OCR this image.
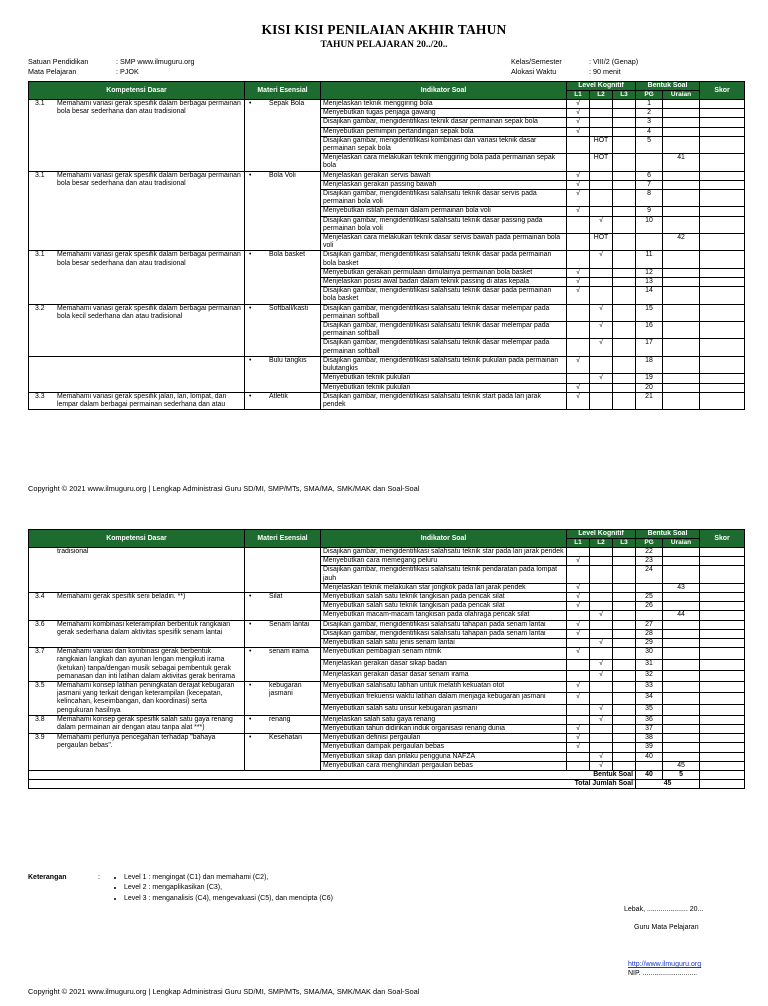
KISI KISI PENILAIAN AKHIR TAHUN
TAHUN PELAJARAN 20../20..
Satuan Pendidikan	: SMP www.ilmuguru.org
Mata Pelajaran	: PJOK
Kelas/Semester	: VIII/2 (Genap)
Alokasi Waktu	: 90 menit
Kompetensi Dasar	Materi Esensial	Indikator Soal	Level Kognitif			Bentuk Soal		Skor
			L1	L2	L3	PG	Uraian	

3.1 Memahami variasi gerak spesifik dalam berbagai permainan bola besar sederhana dan atau tradisional	• Sepak Bola	Menjelaskan teknik menggiring bola	√			1		
		Menyebutkan tugas penjaga gawang	√			2		
		Disajikan gambar, mengidentifikasi teknik dasar permainan sepak bola	√			3		
		Menyebutkan pemimpin pertandingan sepak bola	√			4		
		Disajikan gambar, mengidentifikasi kombinasi dan variasi teknik dasar permainan sepak bola		HOT		5		
		Menjelaskan cara melakukan teknik menggiring bola pada permainan sepak bola		HOT			41	

3.1 Memahami variasi gerak spesifik dalam berbagai permainan bola besar sederhana dan atau tradisional	• Bola Voli	Menjelaskan gerakan servis bawah	√			6		
		Menjelaskan gerakan passing bawah	√			7		
		Disajikan gambar, mengidentifikasi salahsatu teknik dasar servis pada permainan bola voli	√			8		
		Menyebutkan istilah pemain dalam permainan bola voli	√			9		
		Disajikan gambar, mengidentifikasi salahsatu teknik dasar passing pada permainan bola voli		√		10		
		Menjelaskan cara melakukan teknik dasar servis bawah pada permainan bola voli		HOT			42	

3.1 Memahami variasi gerak spesifik dalam berbagai permainan bola besar sederhana dan atau tradisional	• Bola basket	Disajikan gambar, mengidentifikasi salahsatu teknik dasar pada permainan bola basket		√		11		
		Menyebutkan gerakan permulaan dimulainya permainan bola basket	√			12		
		Menjelaskan posisi awal badan dalam teknik passing di atas kepala	√			13		
		Disajikan gambar, mengidentifikasi salahsatu teknik dasar pada permainan bola basket	√			14		

3.2 Memahami variasi gerak spesifik dalam berbagai permainan bola kecil sederhana dan atau tradisional	• Softball/kasti	Disajikan gambar, mengidentifikasi salahsatu teknik dasar melempar pada permainan softball		√		15		
		Disajikan gambar, mengidentifikasi salahsatu teknik dasar melempar pada permainan softball		√		16		
		Disajikan gambar, mengidentifikasi salahsatu teknik dasar melempar pada permainan softball		√		17		

	• Bulu tangkis	Disajikan gambar, mengidentifikasi salahsatu teknik pukulan pada permainan bulutangkis	√			18		
		Menyebutkan teknik pukulan		√		19		
		Menyebutkan teknik pukulan	√			20		

3.3 Memahami variasi gerak spesifik jalan, lari, lompat, dan lempar dalam berbagai permainan sederhana dan atau	• Atletik	Disajikan gambar, mengidentifikasi salahsatu teknik start pada lari jarak pendek	√			21		
Copyright © 2021 www.ilmuguru.org | Lengkap Administrasi Guru SD/MI, SMP/MTs, SMA/MA, SMK/MAK dan Soal-Soal
Kompetensi Dasar	Materi Esensial	Indikator Soal	Level Kognitif			Bentuk Soal		Skor
			L1	L2	L3	PG	Uraian	

tradisional		Disajikan gambar, mengidentifikasi salahsatu teknik star pada lari jarak pendek				22		
		Menyebutkan cara memegang peluru	√			23		
		Disajikan gambar, mengidentifikasi salahsatu teknik pendaratan pada lompat jauh				24		
		Menjelaskan teknik melakukan star jongkok pada lari jarak pendek	√				43	

3.4 Memahami gerak spesifik seni beladiri. **)	• Silat	Menyebutkan salah satu teknik tangkisan pada pencak silat	√			25		
		Menyebutkan salah satu teknik tangkisan pada pencak silat	√			26		
		Menyebutkan macam-macam tangkisan pada olahraga pencak silat		√			44	

3.6 Memahami kombinasi keterampilan berbentuk rangkaian gerak sederhana dalam aktivitas spesifik senam lantai	• Senam lantai	Disajikan gambar, mengidentifikasi salahsatu tahapan pada senam lantai	√			27		
		Disajikan gambar, mengidentifikasi salahsatu tahapan pada senam lantai	√			28		
		Menyebutkan salah satu jenis senam lantai		√		29		

3.7 Memahami variasi dan kombinasi gerak berbentuk rangkaian langkah dan ayunan lengan mengikuti irama (ketukan) tanpa/dengan musik sebagai pembentuk gerak pemanasan dan inti latihan dalam aktivitas gerak berirama	• senam irama	Menyebutkan pembagian senam ritmik	√			30		
		Menjelaskan gerakan dasar sikap badan		√		31		
		Menjelaskan gerakan dasar dasar senam irama		√		32		

3.5 Memahami konsep latihan peningkatan derajat kebugaran jasmani yang terkait dengan keterampilan (kecepatan, kelincahan, keseimbangan, dan koordinasi) serta pengukuran hasilnya	• kebugaran jasmani	Menyebutkan salahsatu latihan untuk melatih kekuatan otot	√			33		
		Menyebutkan frekuensi waktu latihan dalam menjaga kebugaran jasmani	√			34		
		Menyebutkan salah satu unsur kebugaran jasmani		√		35		

3.8 Memahami konsep gerak spesifik salah satu gaya renang dalam permainan air dengan atau tanpa alat ***)	• renang	Menjelaskan salah satu gaya renang		√		36		
		Menyebutkan tahun didirikan induk organisasi renang dunia	√			37		

3.9 Memahami perlunya pencegahan terhadap "bahaya pergaulan bebas".	• Kesehatan	Menyebutkan definisi pergaulan	√			38		
		Menyebutkan dampak pergaulan bebas	√			39		
		Menyebutkan sikap dan prilaku pengguna NAFZA		√		40		
		Menyebutkan cara menghindari pergaulan bebas		√			45	
Bentuk Soal						40	5	
Total Jumlah Soal						45		
Keterangan	:	• Level 1 : mengingat (C1) dan memahami (C2),
• Level 2 : mengaplikasikan (C3),
• Level 3 : menganalisis (C4), mengevaluasi (C5), dan mencipta (C6)
Lebak, ..................... 20...
Guru Mata Pelajaran
http://www.ilmuguru.org
NIP. ............................
Copyright © 2021 www.ilmuguru.org | Lengkap Administrasi Guru SD/MI, SMP/MTs, SMA/MA, SMK/MAK dan Soal-Soal
